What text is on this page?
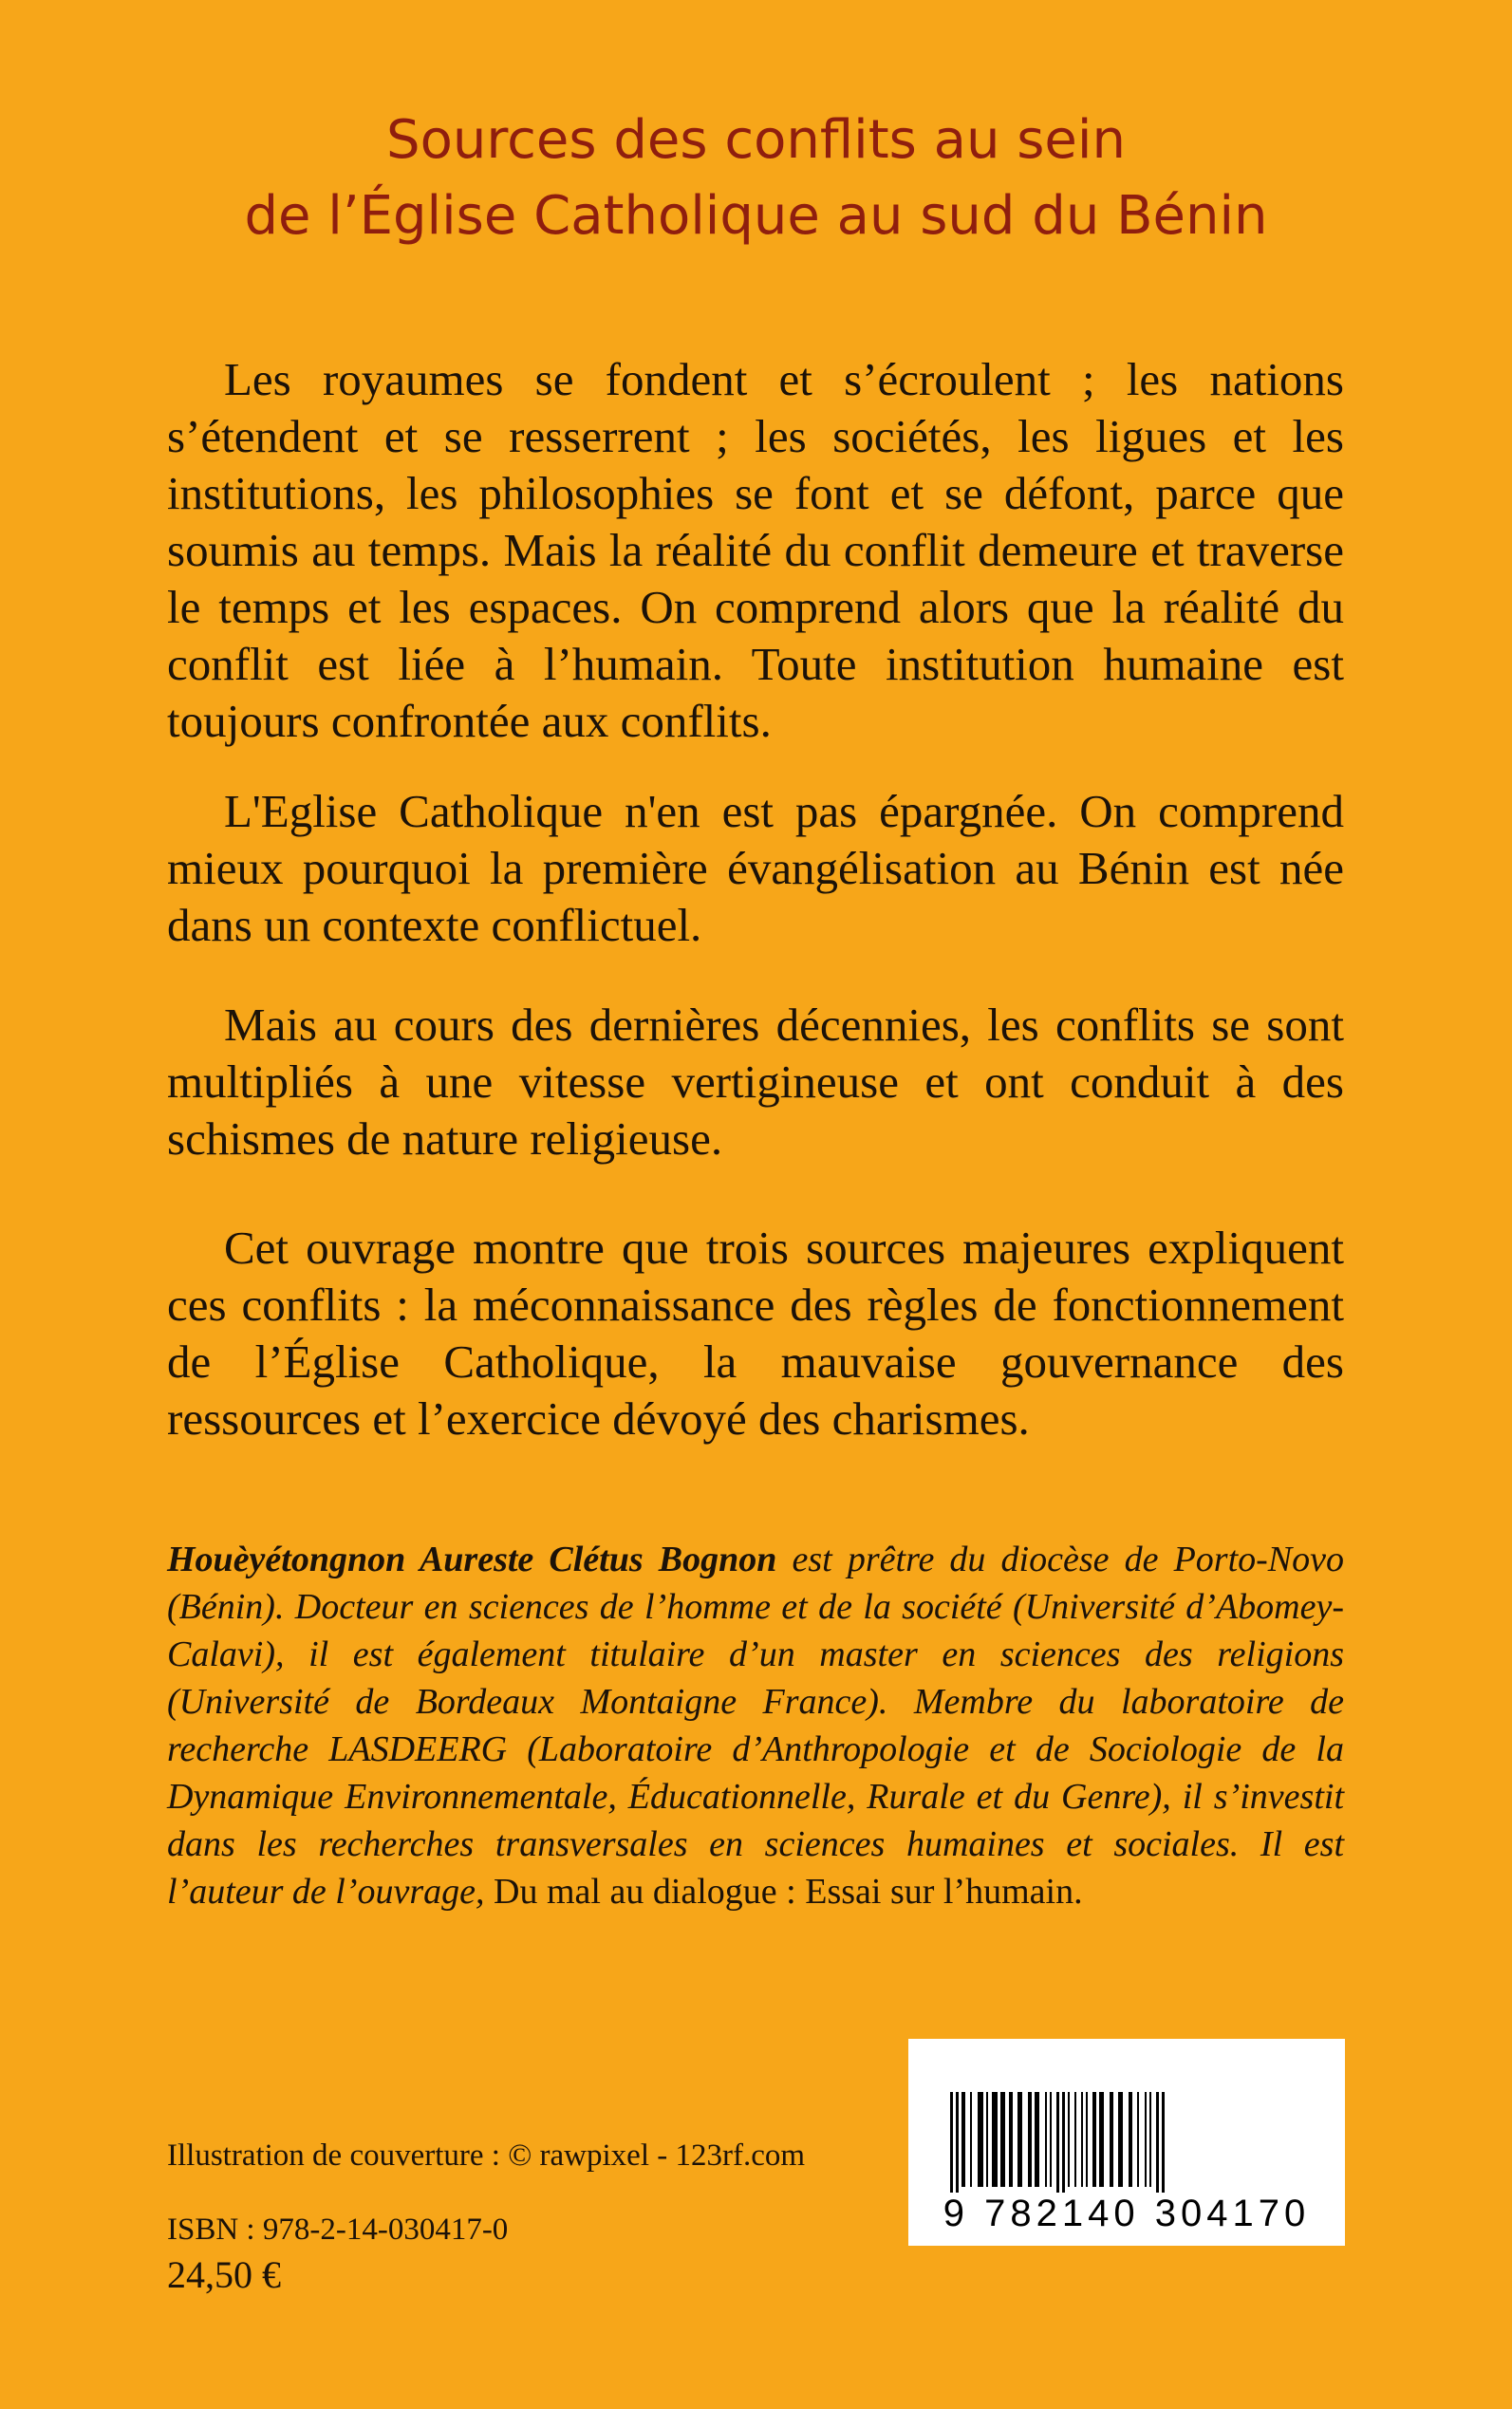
Sources des conflits au sein
de l’Église Catholique au sud du Bénin

Les royaumes se fondent et s’écroulent ; les nations s’étendent et se resserrent ; les sociétés, les ligues et les institutions, les philosophies se font et se défont, parce que soumis au temps. Mais la réalité du conflit demeure et traverse le temps et les espaces. On comprend alors que la réalité du conflit est liée à l’humain. Toute institution humaine est toujours confrontée aux conflits.

L'Eglise Catholique n'en est pas épargnée. On comprend mieux pourquoi la première évangélisation au Bénin est née dans un contexte conflictuel.

Mais au cours des dernières décennies, les conflits se sont multipliés à une vitesse vertigineuse et ont conduit à des schismes de nature religieuse.

Cet ouvrage montre que trois sources majeures expliquent ces conflits : la méconnaissance des règles de fonctionnement de l’Église Catholique, la mauvaise gouvernance des ressources et l’exercice dévoyé des charismes.

Houèyétongnon Aureste Clétus Bognon est prêtre du diocèse de Porto-Novo (Bénin). Docteur en sciences de l’homme et de la société (Université d’Abomey-Calavi), il est également titulaire d’un master en sciences des religions (Université de Bordeaux Montaigne France). Membre du laboratoire de recherche LASDEERG (Laboratoire d’Anthropologie et de Sociologie de la Dynamique Environnementale, Éducationnelle, Rurale et du Genre), il s’investit dans les recherches transversales en sciences humaines et sociales. Il est l’auteur de l’ouvrage, Du mal au dialogue : Essai sur l’humain.
Illustration de couverture : © rawpixel - 123rf.com
ISBN : 978-2-14-030417-0
24,50 €
9 782140 304170
